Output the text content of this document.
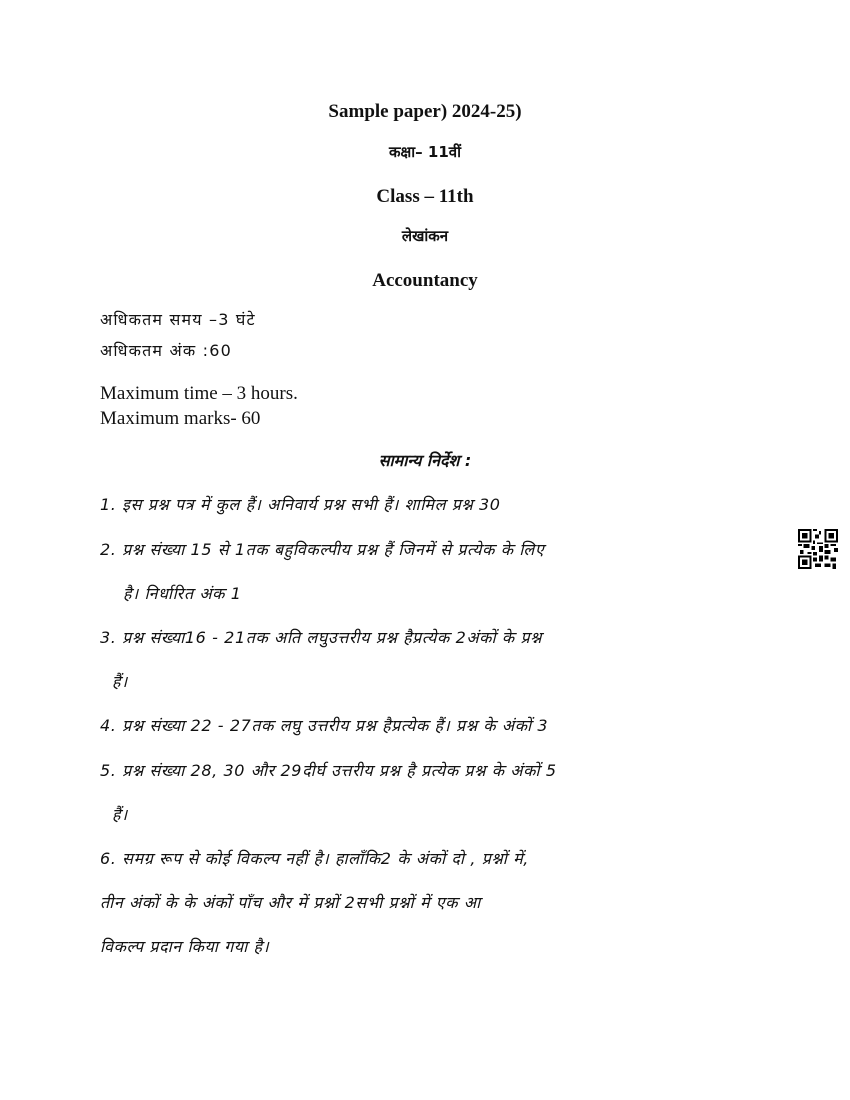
Sample paper) 2024-25)
कक्षा– 11वीं
Class – 11th
लेखांकन
Accountancy
अधिकतम समय –3 घंटे
अधिकतम अंक :60
Maximum time – 3 hours.
Maximum marks- 60
सामान्य निर्देश :
1. इस प्रश्न पत्र में कुल हैं। अनिवार्य प्रश्न सभी हैं। शामिल प्रश्न 30
2. प्रश्न संख्या 15 से 1तक बहुविकल्पीय प्रश्न हैं जिनमें से प्रत्येक के लिए
है। निर्धारित अंक 1
3. प्रश्न संख्या16 - 21तक अति लघुउत्तरीय प्रश्न हैप्रत्येक 2अंकों के प्रश्न
हैं।
4. प्रश्न संख्या 22 - 27तक लघु उत्तरीय प्रश्न हैप्रत्येक हैं। प्रश्न के अंकों 3
5. प्रश्न संख्या 28, 30 और 29दीर्घ उत्तरीय प्रश्न है प्रत्येक प्रश्न के अंकों 5
हैं।
6. समग्र रूप से कोई विकल्प नहीं है। हालाँकि2 के अंकों दो , प्रश्नों में,
तीन अंकों के के अंकों पाँच और में प्रश्नों 2सभी प्रश्नों में एक आ
विकल्प प्रदान किया गया है।
